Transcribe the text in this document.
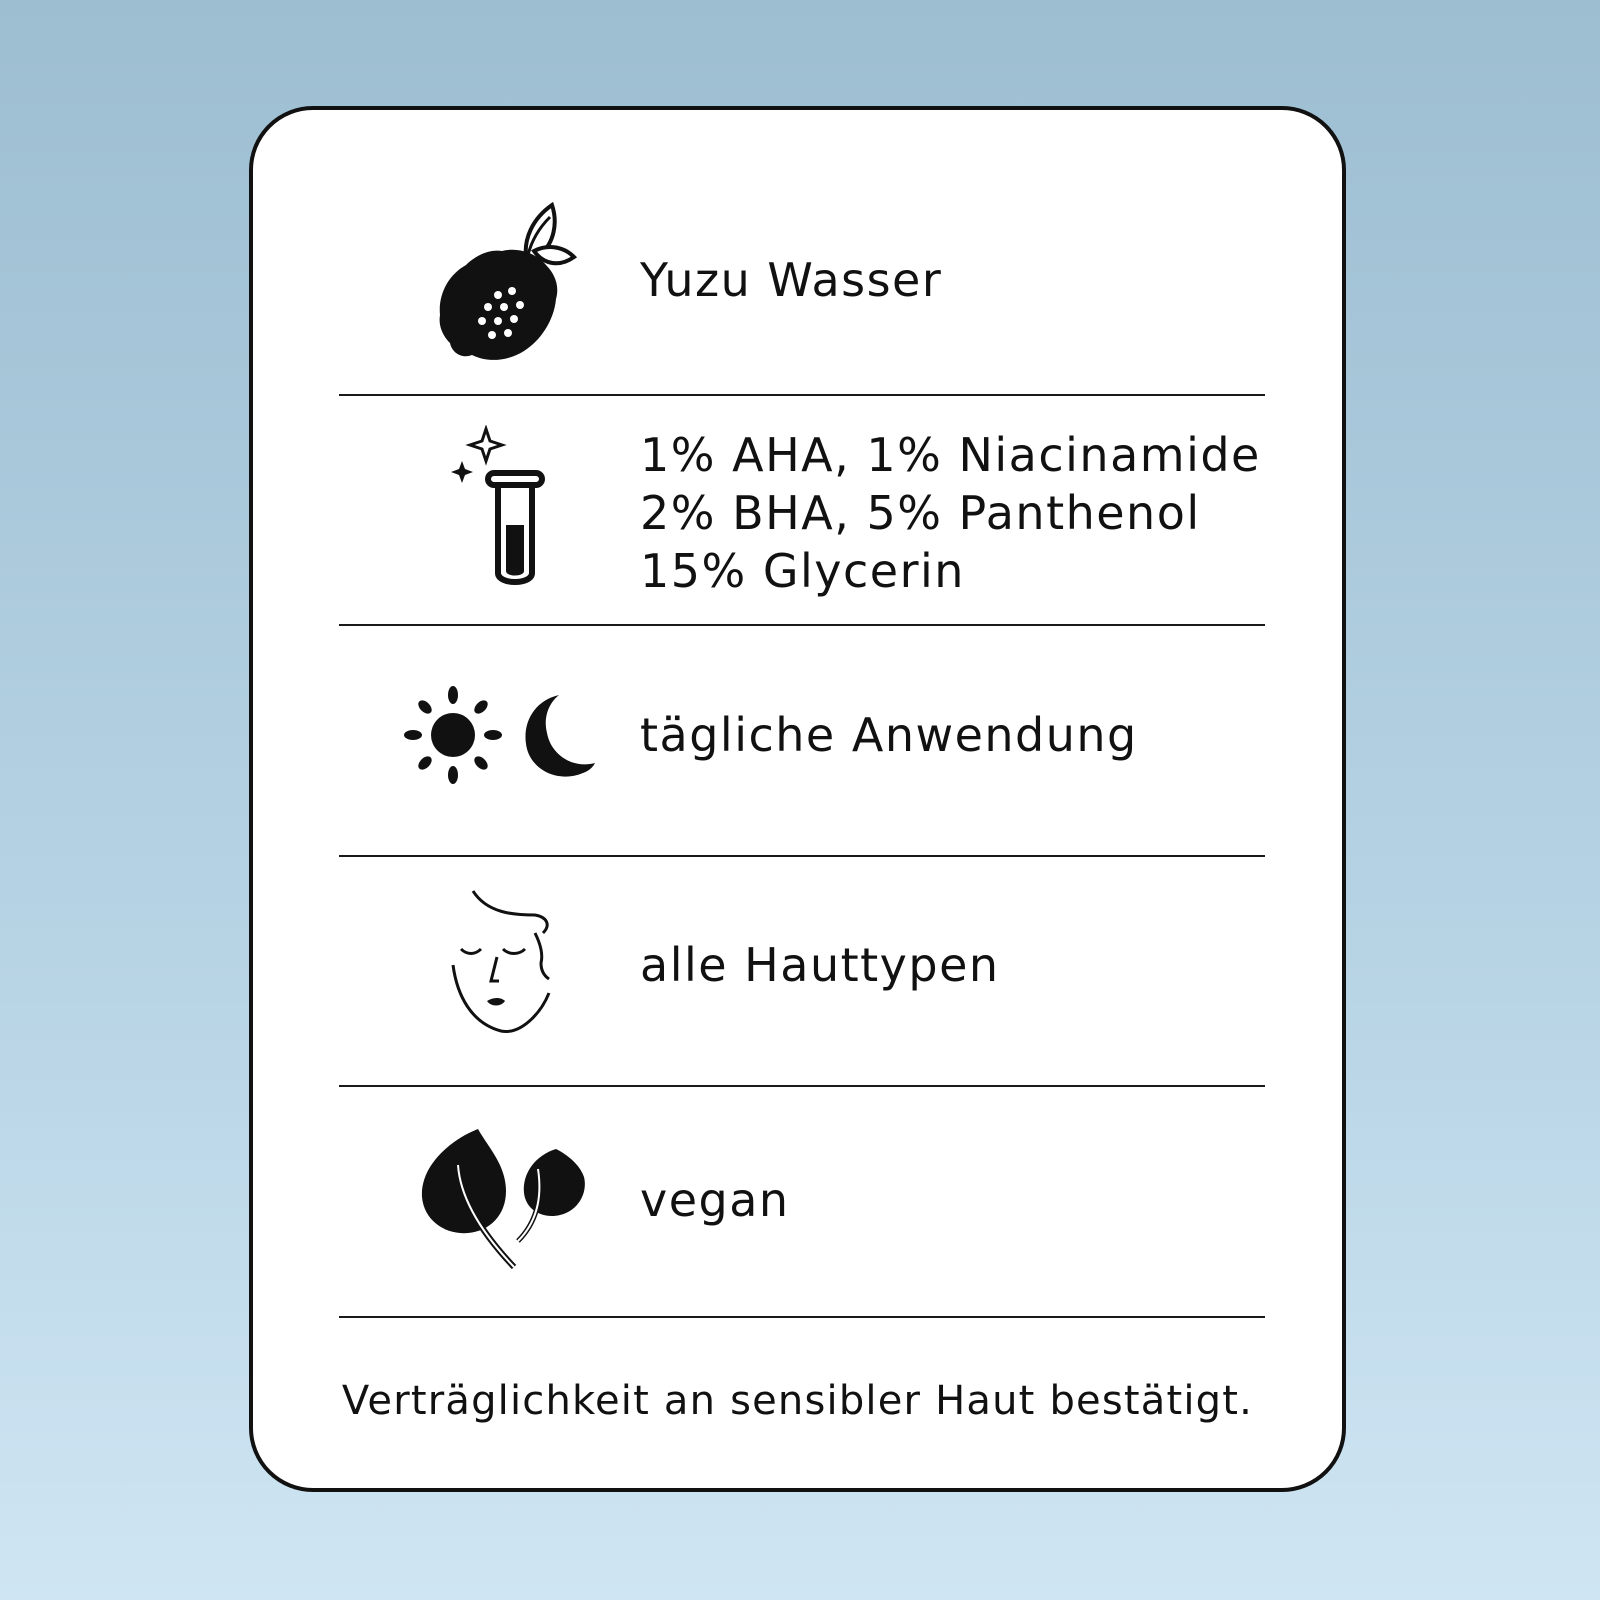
Yuzu Wasser
1% AHA, 1% Niacinamide
2% BHA, 5% Panthenol
15% Glycerin
tägliche Anwendung
alle Hauttypen
vegan
Verträglichkeit an sensibler Haut bestätigt.
